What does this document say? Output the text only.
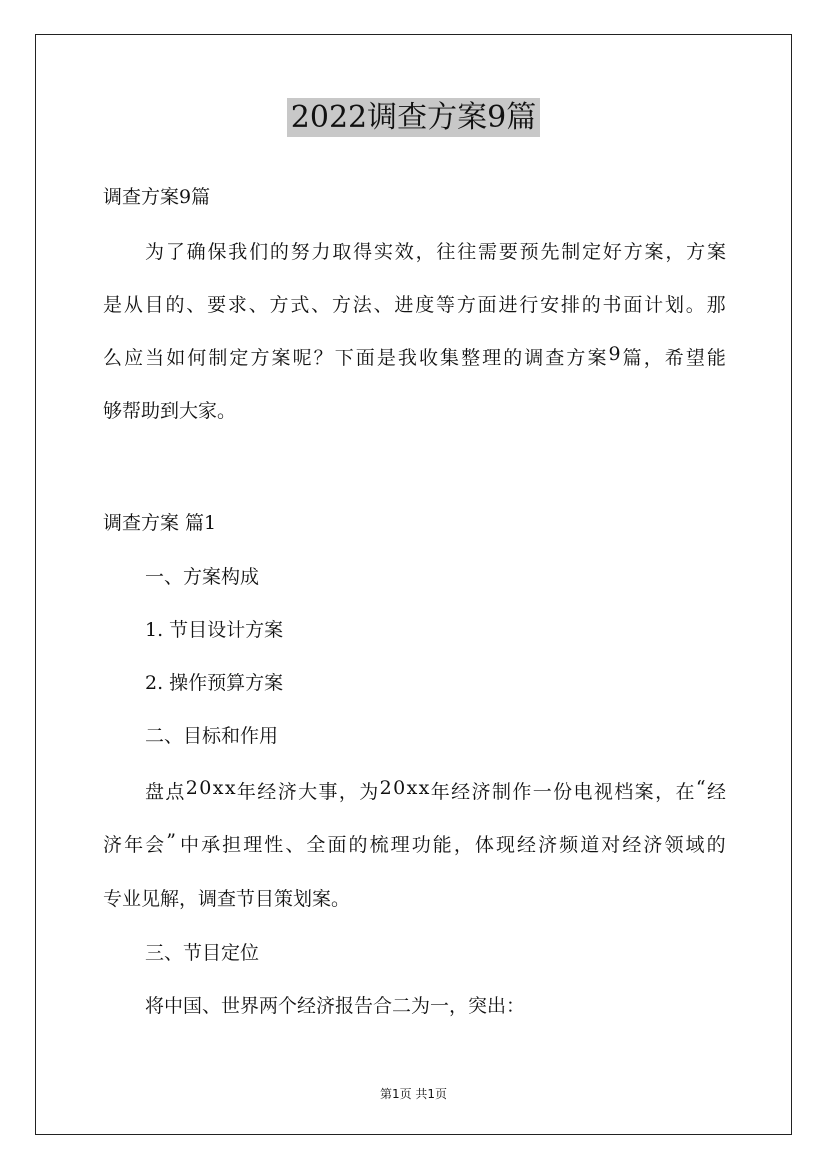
2022调查方案9篇
调查方案9篇
为 了 确 保 我 们 的 努 力 取 得 实 效 ， 往 往 需 要 预 先 制 定 好 方 案 ， 方 案
是 从 目 的 、 要 求 、 方 式 、 方 法 、 进 度 等 方 面 进 行 安 排 的 书 面 计 划 。 那
么 应 当 如 何 制 定 方 案 呢 ？ 下 面 是 我 收 集 整 理 的 调 查 方 案 9 篇 ， 希 望 能
够帮助到大家。
调查方案 篇1
一、方案构成
1. 节目设计方案
2. 操作预算方案
二、目标和作用
盘 点 2 0 x x 年 经 济 大 事 ， 为 2 0 x x 年 经 济 制 作 一 份 电 视 档 案 ， 在 “ 经
济 年 会 ” 中 承 担 理 性 、 全 面 的 梳 理 功 能 ， 体 现 经 济 频 道 对 经 济 领 域 的
专业见解，调查节目策划案。
三、节目定位
将中国、世界两个经济报告合二为一，突出：
第1页 共1页
